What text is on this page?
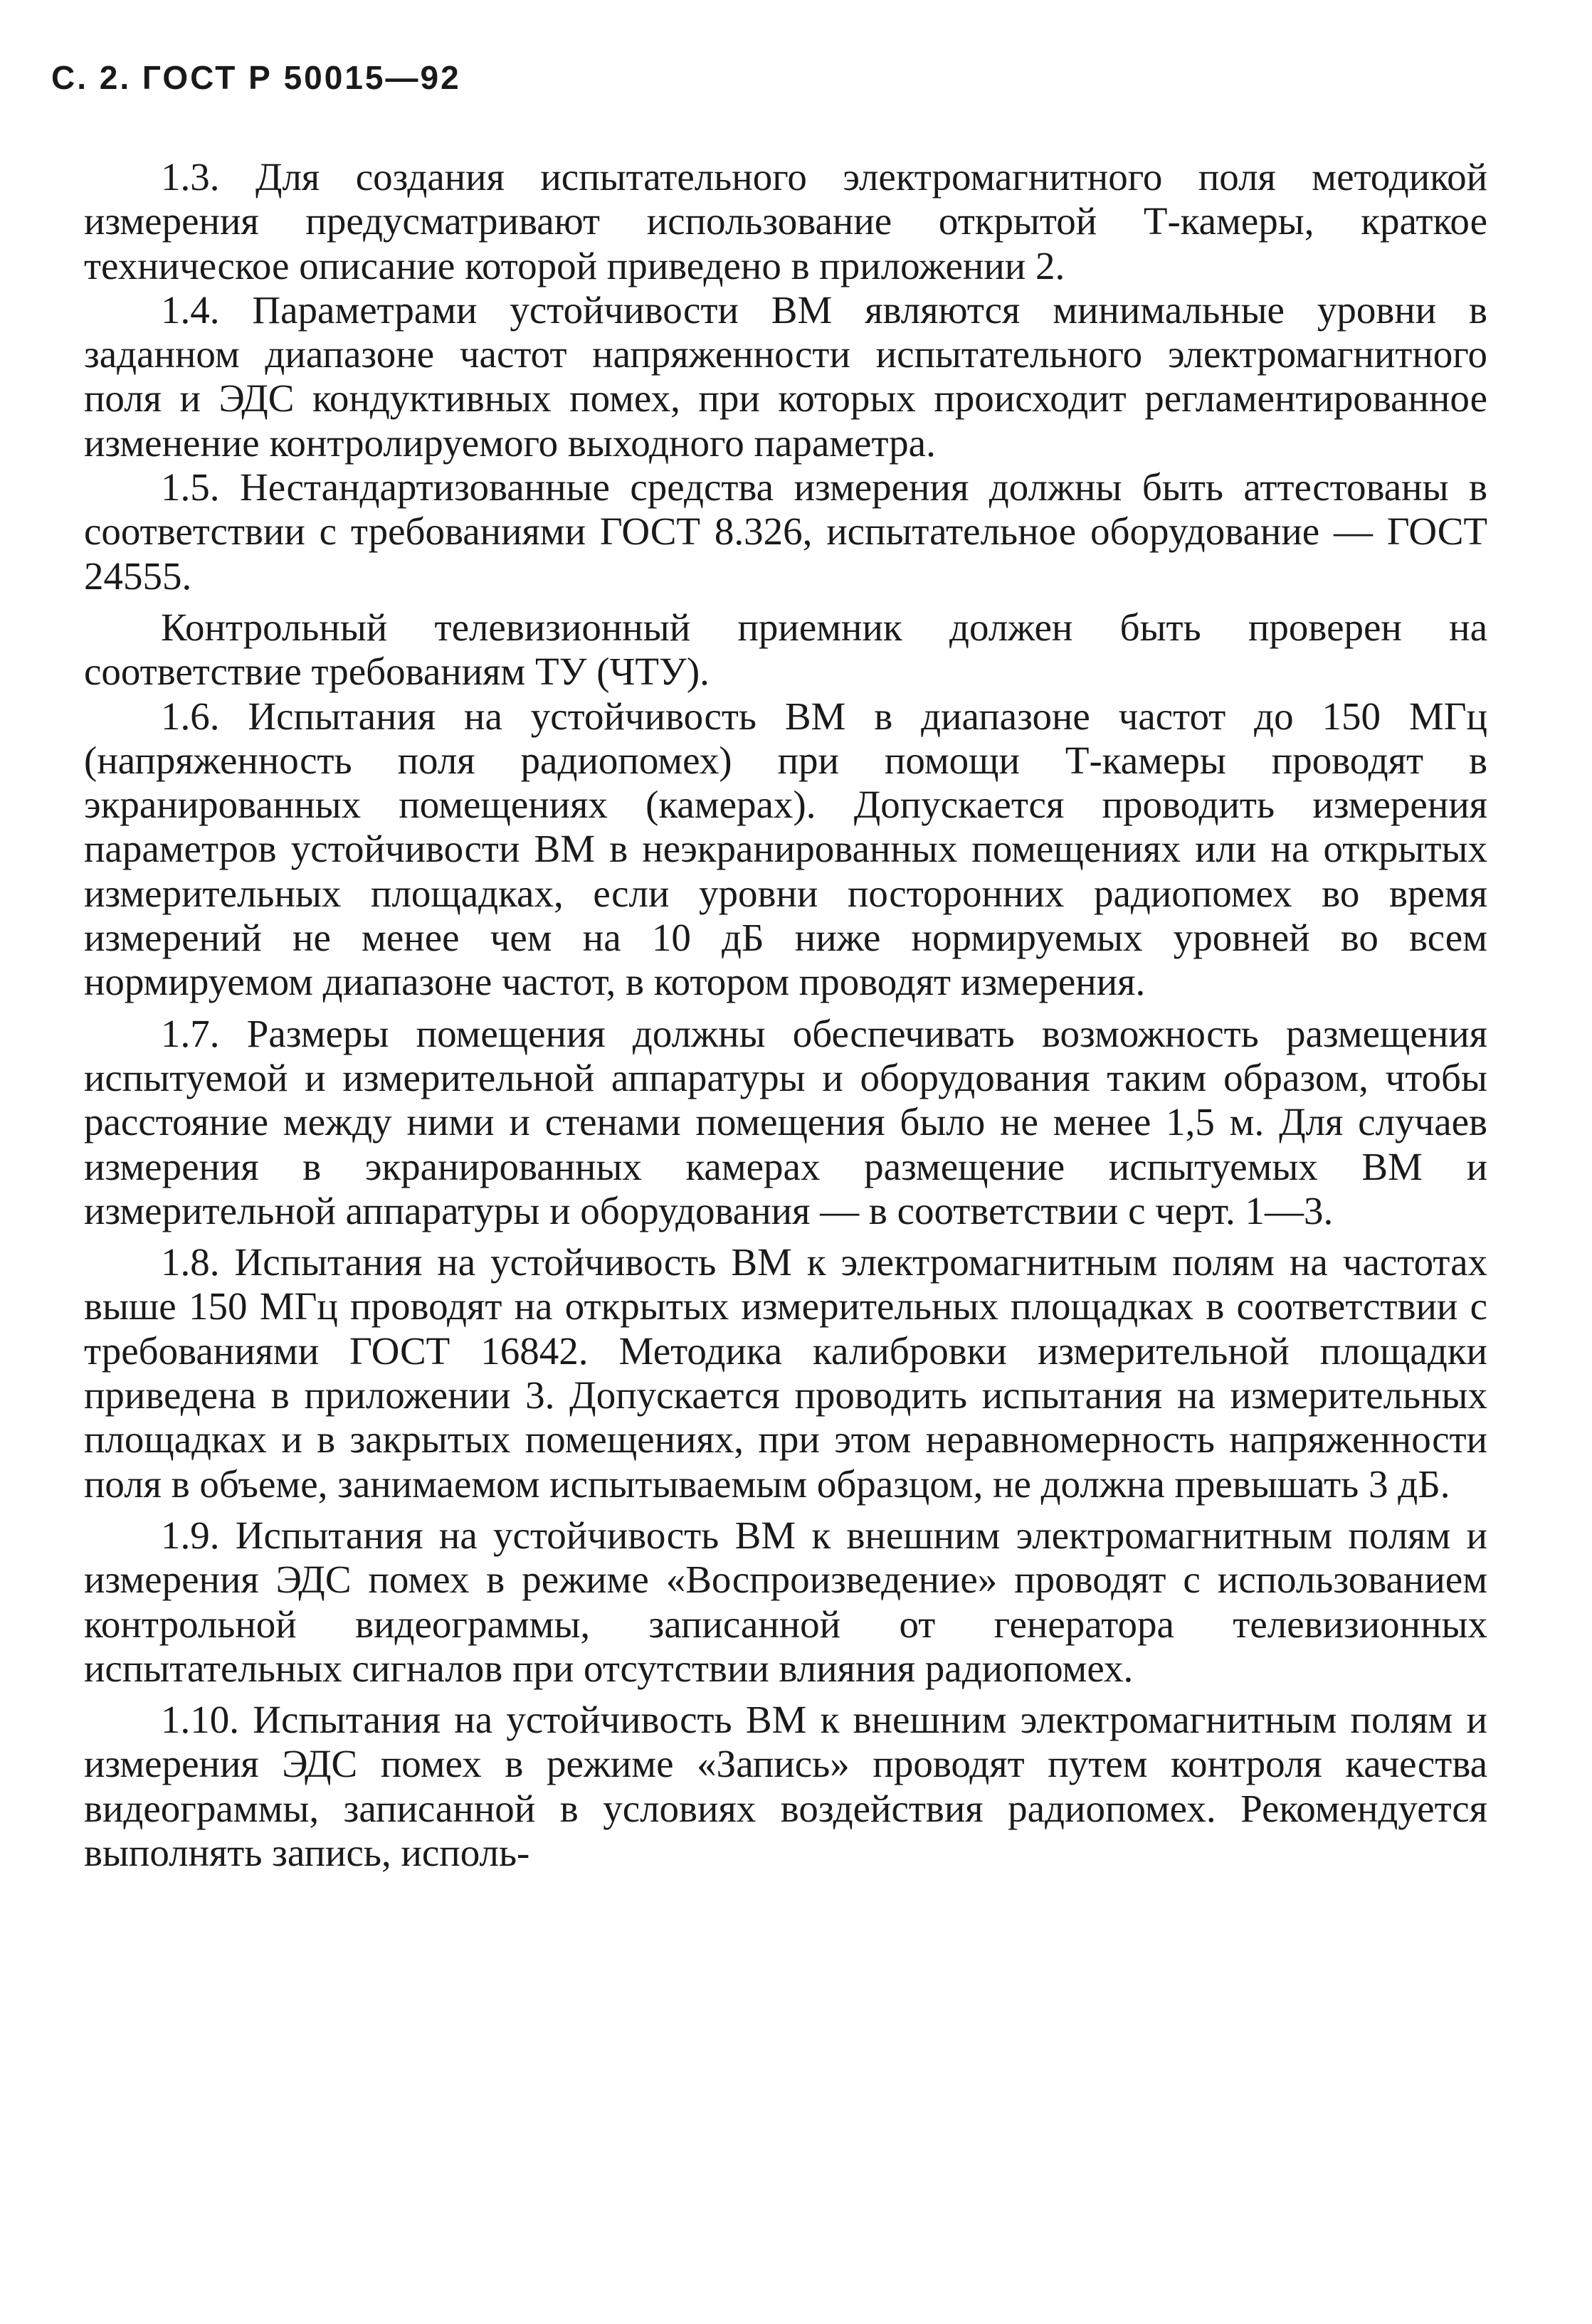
С. 2. ГОСТ Р 50015—92

1.3. Для создания испытательного электромагнитного поля методикой измерения предусматривают использование открытой Т-камеры, краткое техническое описание которой приведено в приложении 2.

1.4. Параметрами устойчивости ВМ являются минимальные уровни в заданном диапазоне частот напряженности испытательного электромагнитного поля и ЭДС кондуктивных помех, при которых происходит регламентированное изменение контролируемого выходного параметра.

1.5. Нестандартизованные средства измерения должны быть аттестованы в соответствии с требованиями ГОСТ 8.326, испытательное оборудование — ГОСТ 24555.

Контрольный телевизионный приемник должен быть проверен на соответствие требованиям ТУ (ЧТУ).

1.6. Испытания на устойчивость ВМ в диапазоне частот до 150 МГц (напряженность поля радиопомех) при помощи Т-камеры проводят в экранированных помещениях (камерах). Допускается проводить измерения параметров устойчивости ВМ в неэкранированных помещениях или на открытых измерительных площадках, если уровни посторонних радиопомех во время измерений не менее чем на 10 дБ ниже нормируемых уровней во всем нормируемом диапазоне частот, в котором проводят измерения.

1.7. Размеры помещения должны обеспечивать возможность размещения испытуемой и измерительной аппаратуры и оборудования таким образом, чтобы расстояние между ними и стенами помещения было не менее 1,5 м. Для случаев измерения в экранированных камерах размещение испытуемых ВМ и измерительной аппаратуры и оборудования — в соответствии с черт. 1—3.

1.8. Испытания на устойчивость ВМ к электромагнитным полям на частотах выше 150 МГц проводят на открытых измерительных площадках в соответствии с требованиями ГОСТ 16842. Методика калибровки измерительной площадки приведена в приложении 3. Допускается проводить испытания на измерительных площадках и в закрытых помещениях, при этом неравномерность напряженности поля в объеме, занимаемом испытываемым образцом, не должна превышать 3 дБ.

1.9. Испытания на устойчивость ВМ к внешним электромагнитным полям и измерения ЭДС помех в режиме «Воспроизведение» проводят с использованием контрольной видеограммы, записанной от генератора телевизионных испытательных сигналов при отсутствии влияния радиопомех.

1.10. Испытания на устойчивость ВМ к внешним электромагнитным полям и измерения ЭДС помех в режиме «Запись» проводят путем контроля качества видеограммы, записанной в условиях воздействия радиопомех. Рекомендуется выполнять запись, исполь-
